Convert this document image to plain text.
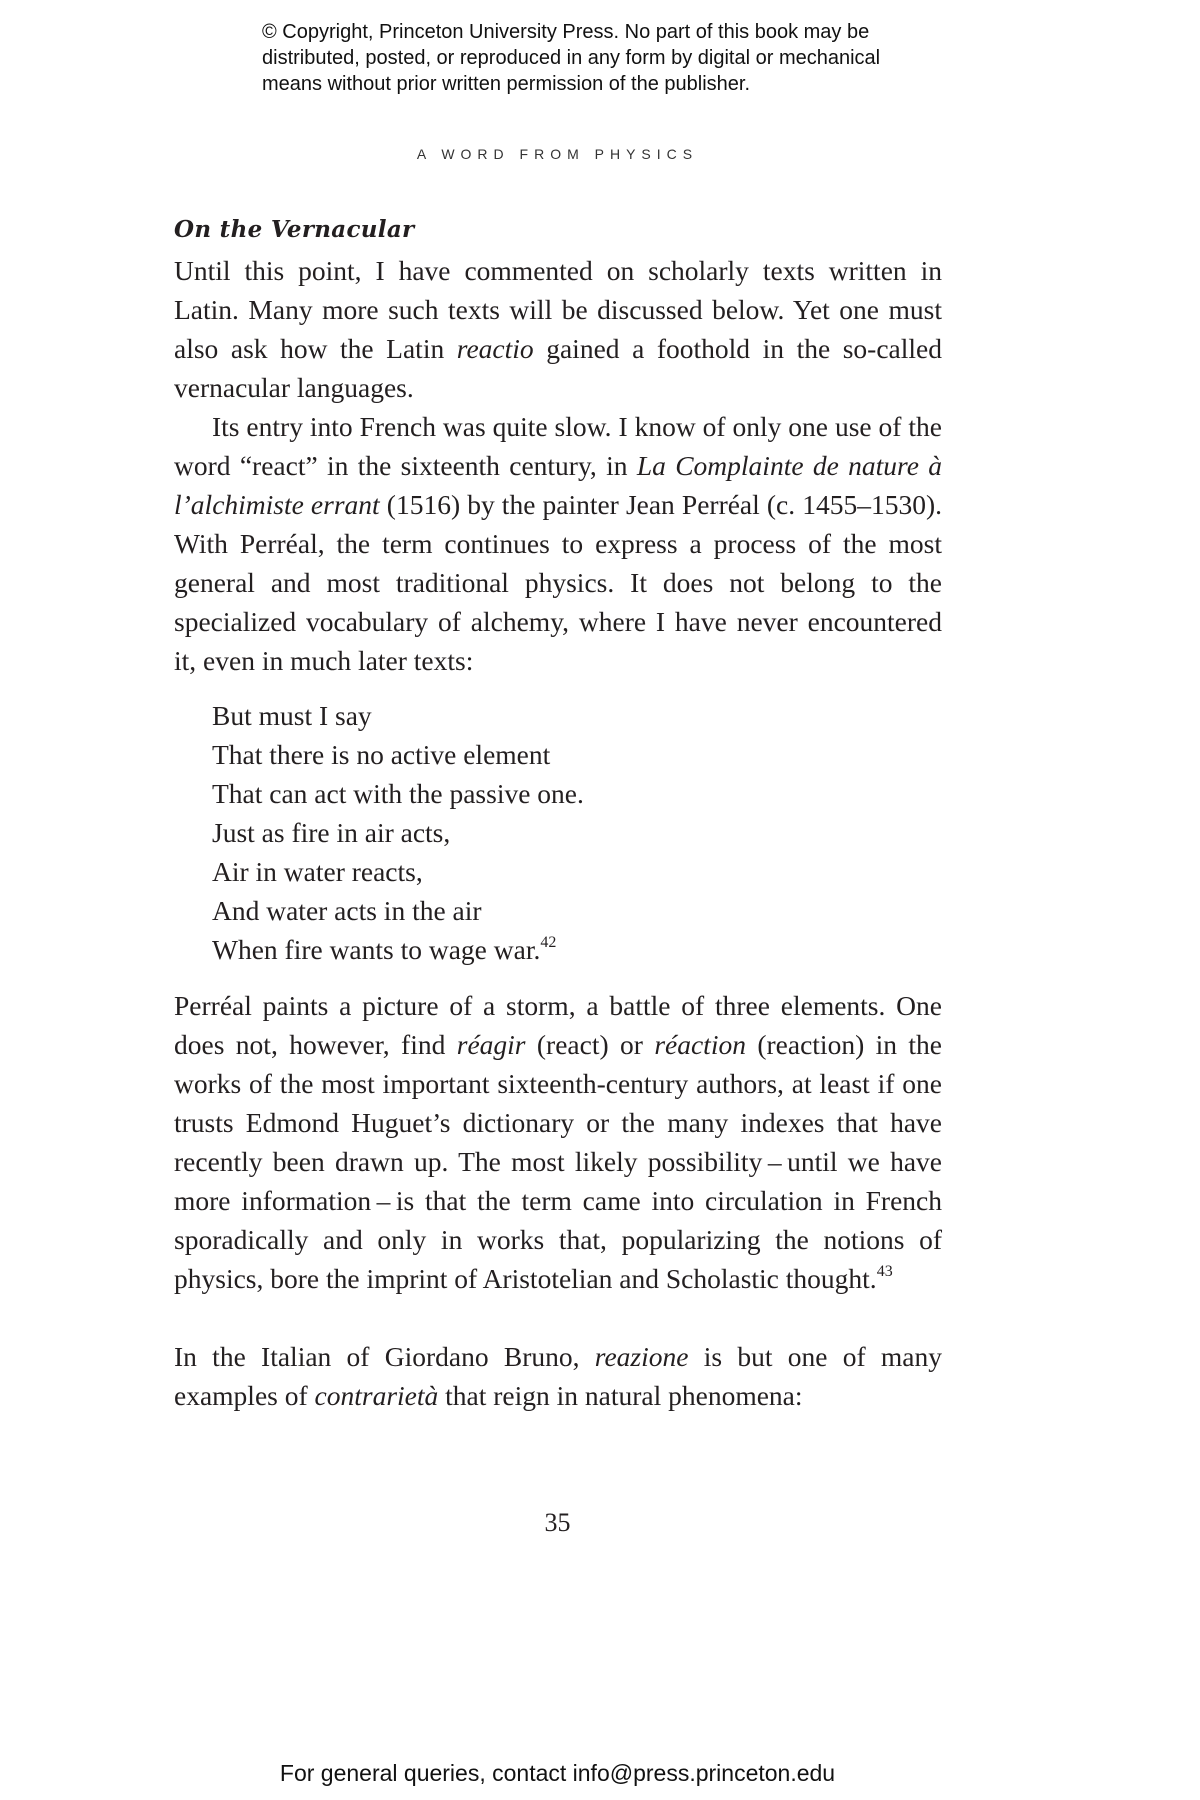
© Copyright, Princeton University Press. No part of this book may be
distributed, posted, or reproduced in any form by digital or mechanical
means without prior written permission of the publisher.

A WORD FROM PHYSICS

On the Vernacular

Until this point, I have commented on scholarly texts written in Latin. Many more such texts will be discussed below. Yet one must also ask how the Latin reactio gained a foothold in the so-called vernacular languages.

Its entry into French was quite slow. I know of only one use of the word “react” in the sixteenth century, in La Complainte de nature à l’alchimiste errant (1516) by the painter Jean Perréal (c. 1455–1530). With Perréal, the term continues to express a process of the most general and most traditional physics. It does not belong to the specialized vocabulary of alchemy, where I have never encountered it, even in much later texts:

But must I say
That there is no active element
That can act with the passive one.
Just as fire in air acts,
Air in water reacts,
And water acts in the air
When fire wants to wage war.$^{42}$

Perréal paints a picture of a storm, a battle of three elements. One does not, however, find réagir (react) or réaction (reaction) in the works of the most important sixteenth-century authors, at least if one trusts Edmond Huguet’s dictionary or the many indexes that have recently been drawn up. The most likely possibility – until we have more information – is that the term came into circulation in French sporadically and only in works that, popularizing the notions of physics, bore the imprint of Aristotelian and Scholastic thought.$^{43}$

In the Italian of Giordano Bruno, reazione is but one of many examples of contrarietà that reign in natural phenomena:

35

For general queries, contact info@press.princeton.edu
